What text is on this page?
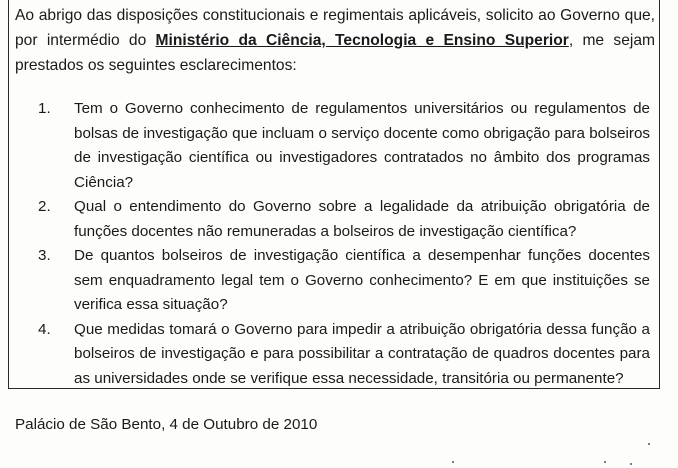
Ao abrigo das disposições constitucionais e regimentais aplicáveis, solicito ao Governo que, por intermédio do Ministério da Ciência, Tecnologia e Ensino Superior, me sejam prestados os seguintes esclarecimentos:

1. Tem o Governo conhecimento de regulamentos universitários ou regulamentos de bolsas de investigação que incluam o serviço docente como obrigação para bolseiros de investigação científica ou investigadores contratados no âmbito dos programas Ciência?
2. Qual o entendimento do Governo sobre a legalidade da atribuição obrigatória de funções docentes não remuneradas a bolseiros de investigação científica?
3. De quantos bolseiros de investigação científica a desempenhar funções docentes sem enquadramento legal tem o Governo conhecimento? E em que instituições se verifica essa situação?
4. Que medidas tomará o Governo para impedir a atribuição obrigatória dessa função a bolseiros de investigação e para possibilitar a contratação de quadros docentes para as universidades onde se verifique essa necessidade, transitória ou permanente?

Palácio de São Bento, 4 de Outubro de 2010
